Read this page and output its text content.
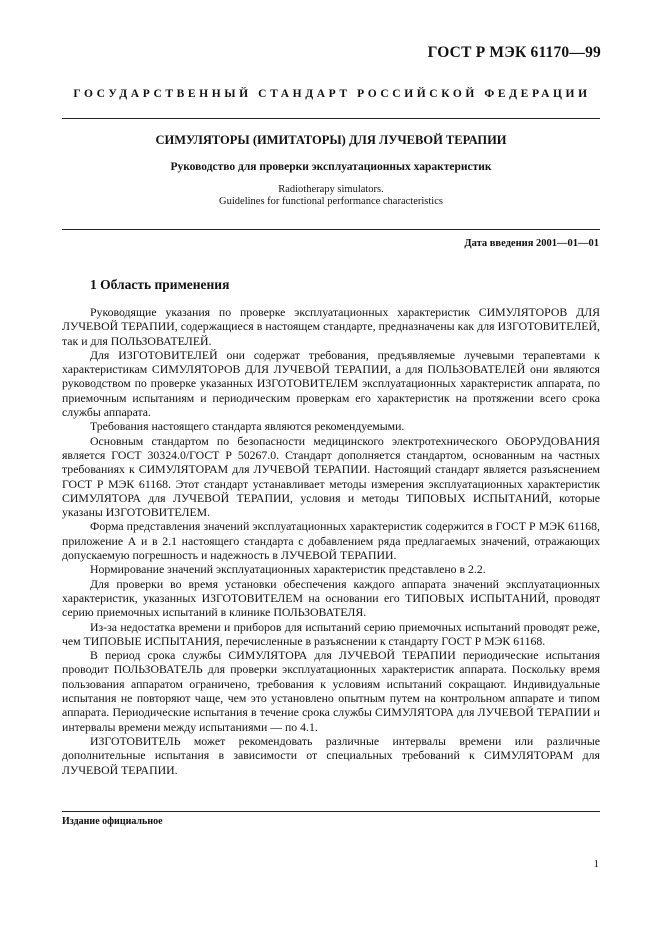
ГОСТ Р МЭК 61170—99
ГОСУДАРСТВЕННЫЙ СТАНДАРТ РОССИЙСКОЙ ФЕДЕРАЦИИ
СИМУЛЯТОРЫ (ИМИТАТОРЫ) ДЛЯ ЛУЧЕВОЙ ТЕРАПИИ
Руководство для проверки эксплуатационных характеристик
Radiotherapy simulators.
Guidelines for functional performance characteristics
Дата введения 2001—01—01
1 Область применения

Руководящие указания по проверке эксплуатационных характеристик СИМУЛЯТОРОВ ДЛЯ ЛУЧЕВОЙ ТЕРАПИИ, содержащиеся в настоящем стандарте, предназначены как для ИЗГОТОВИТЕЛЕЙ, так и для ПОЛЬЗОВАТЕЛЕЙ.

Для ИЗГОТОВИТЕЛЕЙ они содержат требования, предъявляемые лучевыми терапевтами к характеристикам СИМУЛЯТОРОВ ДЛЯ ЛУЧЕВОЙ ТЕРАПИИ, а для ПОЛЬЗОВАТЕЛЕЙ они являются руководством по проверке указанных ИЗГОТОВИТЕЛЕМ эксплуатационных характеристик аппарата, по приемочным испытаниям и периодическим проверкам его характеристик на протяжении всего срока службы аппарата.

Требования настоящего стандарта являются рекомендуемыми.

Основным стандартом по безопасности медицинского электротехнического ОБОРУДОВАНИЯ является ГОСТ 30324.0/ГОСТ Р 50267.0. Стандарт дополняется стандартом, основанным на частных требованиях к СИМУЛЯТОРАМ для ЛУЧЕВОЙ ТЕРАПИИ. Настоящий стандарт является разъяснением ГОСТ Р МЭК 61168. Этот стандарт устанавливает методы измерения эксплуатационных характеристик СИМУЛЯТОРА для ЛУЧЕВОЙ ТЕРАПИИ, условия и методы ТИПОВЫХ ИСПЫТАНИЙ, которые указаны ИЗГОТОВИТЕЛЕМ.

Форма представления значений эксплуатационных характеристик содержится в ГОСТ Р МЭК 61168, приложение А и в 2.1 настоящего стандарта с добавлением ряда предлагаемых значений, отражающих допускаемую погрешность и надежность в ЛУЧЕВОЙ ТЕРАПИИ.

Нормирование значений эксплуатационных характеристик представлено в 2.2.

Для проверки во время установки обеспечения каждого аппарата значений эксплуатационных характеристик, указанных ИЗГОТОВИТЕЛЕМ на основании его ТИПОВЫХ ИСПЫТАНИЙ, проводят серию приемочных испытаний в клинике ПОЛЬЗОВАТЕЛЯ.

Из-за недостатка времени и приборов для испытаний серию приемочных испытаний проводят реже, чем ТИПОВЫЕ ИСПЫТАНИЯ, перечисленные в разъяснении к стандарту ГОСТ Р МЭК 61168.

В период срока службы СИМУЛЯТОРА для ЛУЧЕВОЙ ТЕРАПИИ периодические испытания проводит ПОЛЬЗОВАТЕЛЬ для проверки эксплуатационных характеристик аппарата. Поскольку время пользования аппаратом ограничено, требования к условиям испытаний сокращают. Индивидуальные испытания не повторяют чаще, чем это установлено опытным путем на контрольном аппарате и типом аппарата. Периодические испытания в течение срока службы СИМУЛЯТОРА для ЛУЧЕВОЙ ТЕРАПИИ и интервалы времени между испытаниями — по 4.1.

ИЗГОТОВИТЕЛЬ может рекомендовать различные интервалы времени или различные дополнительные испытания в зависимости от специальных требований к СИМУЛЯТОРАМ для ЛУЧЕВОЙ ТЕРАПИИ.

Издание официальное
1
